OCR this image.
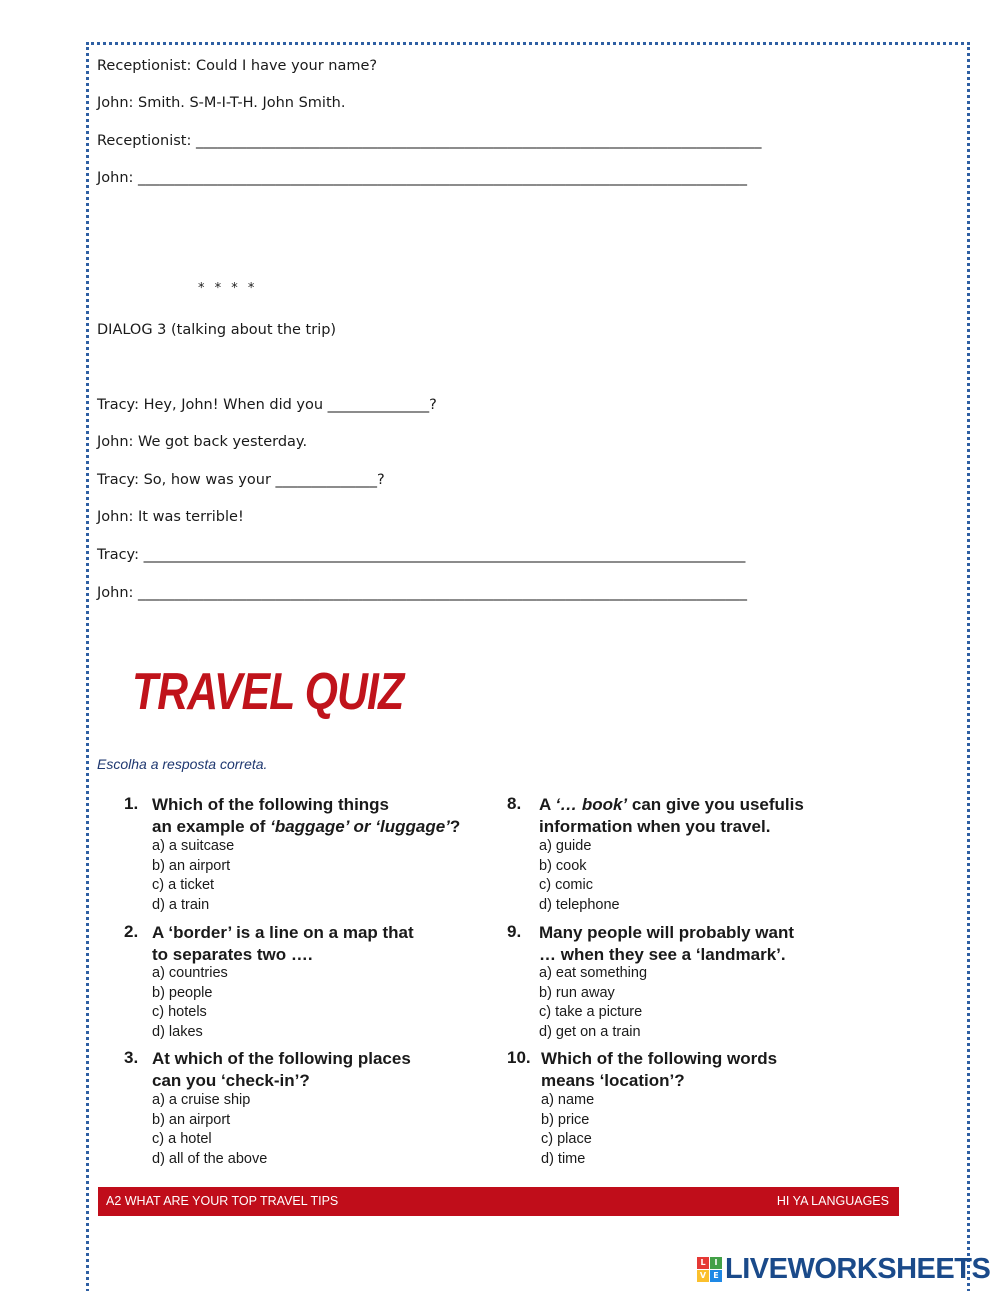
Receptionist: Could I have your name?
John: Smith. S-M-I-T-H. John Smith.
Receptionist: ______________________________________________________________________________
John: ____________________________________________________________________________________
* * * *
DIALOG 3 (talking about the trip)
Tracy: Hey, John! When did you ______________?
John: We got back yesterday.
Tracy: So, how was your ______________?
John: It was terrible!
Tracy: ___________________________________________________________________________________
John: ____________________________________________________________________________________
TRAVEL QUIZ
Escolha a resposta correta.
1. Which of the following things
an example of ‘baggage’ or ‘luggage’?
a) a suitcase
b) an airport
c) a ticket
d) a train
2. A ‘border’ is a line on a map that
to separates two ….
a) countries
b) people
c) hotels
d) lakes
3. At which of the following places
can you ‘check-in’?
a) a cruise ship
b) an airport
c) a hotel
d) all of the above
8. A ‘… book’ can give you usefulis
information when you travel.
a) guide
b) cook
c) comic
d) telephone
9. Many people will probably want
… when they see a ‘landmark’.
a) eat something
b) run away
c) take a picture
d) get on a train
10. Which of the following words
means ‘location’?
a) name
b) price
c) place
d) time
A2 WHAT ARE YOUR TOP TRAVEL TIPS	HI YA LANGUAGES
L	I
V E LIVEWORKSHEETS
